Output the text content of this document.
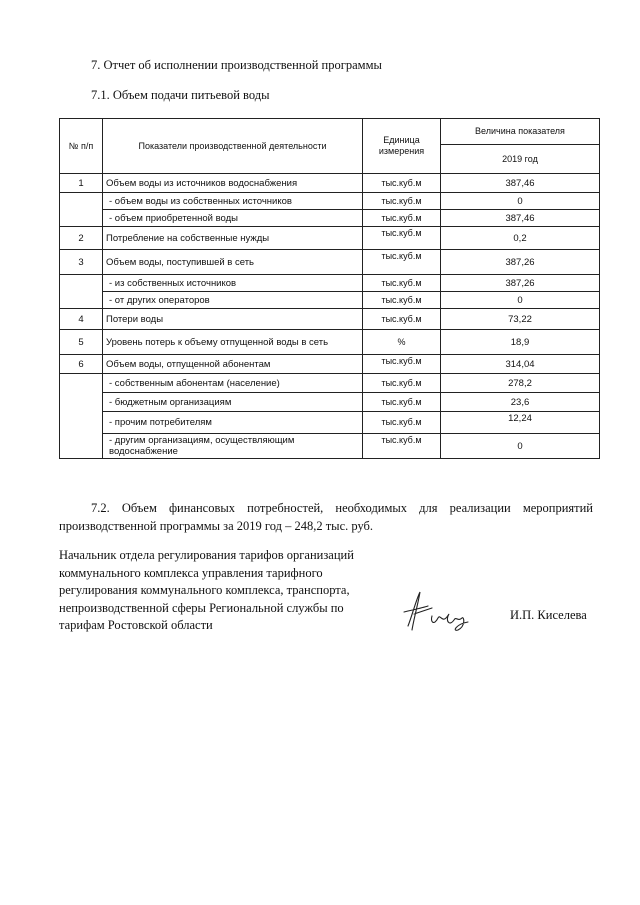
7. Отчет об исполнении производственной программы
7.1. Объем подачи питьевой воды
№ п/п	Показатели производственной деятельности	Единица измерения	Величина показателя
			2019 год
1	Объем воды из источников водоснабжения	тыс.куб.м	387,46
	- объем воды из собственных источников	тыс.куб.м	0
	- объем приобретенной воды	тыс.куб.м	387,46
2	Потребление на собственные нужды	тыс.куб.м	0,2
3	Объем воды, поступившей в сеть	тыс.куб.м	387,26
	- из собственных источников	тыс.куб.м	387,26
	- от других операторов	тыс.куб.м	0
4	Потери воды	тыс.куб.м	73,22
5	Уровень потерь к объему отпущенной воды в сеть	%	18,9
6	Объем воды, отпущенной абонентам	тыс.куб.м	314,04
	- собственным абонентам (население)	тыс.куб.м	278,2
	- бюджетным организациям	тыс.куб.м	23,6
	- прочим потребителям	тыс.куб.м	12,24
	- другим организациям, осуществляющим водоснабжение	тыс.куб.м	0
7.2. Объем финансовых потребностей, необходимых для реализации мероприятий
производственной программы за 2019 год – 248,2 тыс. руб.
Начальник отдела регулирования тарифов организаций
коммунального комплекса управления тарифного
регулирования коммунального комплекса, транспорта,
непроизводственной сферы Региональной службы по
тарифам Ростовской области
И.П. Киселева
